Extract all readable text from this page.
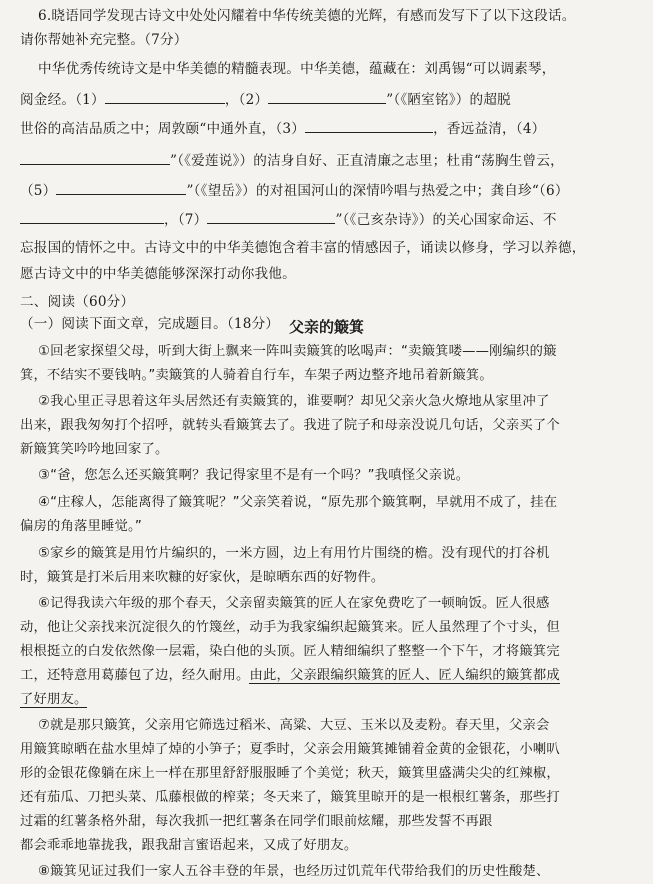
6.晓语同学发现古诗文中处处闪耀着中华传统美德的光辉，有感而发写下了以下这段话。
请你帮她补充完整。（7分）
中华优秀传统诗文是中华美德的精髓表现。中华美德，蕴藏在：刘禹锡“可以调素琴，
阅金经。（1）	，（2）	”（《陋室铭》）的超脱
世俗的高洁品质之中；周敦颐“中通外直，（3）	，香远益清，（4）
”（《爱莲说》）的洁身自好、正直清廉之志里；杜甫“荡胸生曾云，
（5）	”（《望岳》）的对祖国河山的深情吟唱与热爱之中；龚自珍“（6）
，（7）	”（《己亥杂诗》）的关心国家命运、不
忘报国的情怀之中。古诗文中的中华美德饱含着丰富的情感因子，诵读以修身，学习以养德，
愿古诗文中的中华美德能够深深打动你我他。
二、阅读（60分）
（一）阅读下面文章，完成题目。（18分） 父亲的簸箕
①回老家探望父母，听到大街上飘来一阵叫卖簸箕的吆喝声：“卖簸箕喽——刚编织的簸
箕，不结实不要钱呐。”卖簸箕的人骑着自行车，车架子两边整齐地吊着新簸箕。
②我心里正寻思着这年头居然还有卖簸箕的，谁要啊？却见父亲火急火燎地从家里冲了
出来，跟我匆匆打个招呼，就转头看簸箕去了。我进了院子和母亲没说几句话，父亲买了个
新簸箕笑吟吟地回家了。
③“爸，您怎么还买簸箕啊？我记得家里不是有一个吗？”我嗔怪父亲说。
④“庄稼人，怎能离得了簸箕呢？”父亲笑着说，“原先那个簸箕啊，早就用不成了，挂在
偏房的角落里睡觉。”
⑤家乡的簸箕是用竹片编织的，一米方圆，边上有用竹片围绕的檐。没有现代的打谷机
时，簸箕是打米后用来吹糠的好家伙，是晾晒东西的好物件。
⑥记得我读六年级的那个春天，父亲留卖簸箕的匠人在家免费吃了一顿晌饭。匠人很感
动，他让父亲找来沉淀很久的竹篾丝，动手为我家编织起簸箕来。匠人虽然理了个寸头，但
根根挺立的白发依然像一层霜，染白他的头顶。匠人精细编织了整整一个下午，才将簸箕完
工，还特意用葛藤包了边，经久耐用。由此，父亲跟编织簸箕的匠人、匠人编织的簸箕都成
了好朋友。
⑦就是那只簸箕，父亲用它筛选过稻米、高粱、大豆、玉米以及麦粉。春天里，父亲会
用簸箕晾晒在盐水里焯了焯的小笋子；夏季时，父亲会用簸箕摊铺着金黄的金银花，小喇叭
形的金银花像躺在床上一样在那里舒舒服服睡了个美觉；秋天，簸箕里盛满尖尖的红辣椒，
还有茄瓜、刀把头菜、瓜藤根做的榨菜；冬天来了，簸箕里晾开的是一根根红薯条，那些打
过霜的红薯条格外甜，每次我抓一把红薯条在同学们眼前炫耀，那些发誓不再跟
都会乖乖地靠拢我，跟我甜言蜜语起来，又成了好朋友。
⑧簸箕见证过我们一家人五谷丰登的年景，也经历过饥荒年代带给我们的历史性酸楚、
